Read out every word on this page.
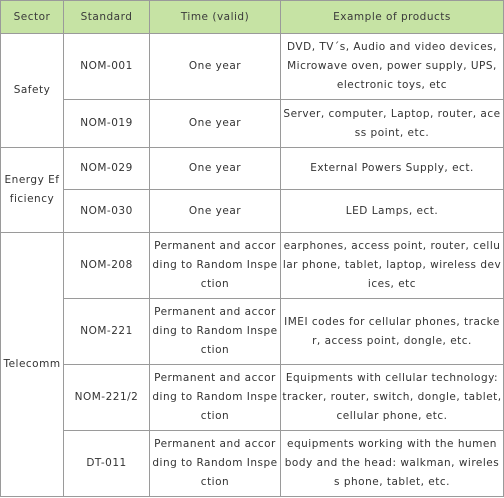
Sector	Standard	Time (valid)	Example of products
Safety	NOM-001	One year	DVD, TV´s, Audio and video devices, Microwave oven, power supply, UPS, electronic toys, etc
	NOM-019	One year	Server, computer, Laptop, router, acess point, etc.
Energy Efficiency	NOM-029	One year	External Powers Supply, ect.
	NOM-030	One year	LED Lamps, ect.
Telecomm	NOM-208	Permanent and according to Random Inspection	earphones, access point, router, cellular phone, tablet, laptop, wireless devices, etc
	NOM-221	Permanent and according to Random Inspection	IMEI codes for cellular phones, tracker, access point, dongle, etc.
	NOM-221/2	Permanent and according to Random Inspection	Equipments with cellular technology: tracker, router, switch, dongle, tablet, cellular phone, etc.
	DT-011	Permanent and according to Random Inspection	equipments working with the humen body and the head: walkman, wireless phone, tablet, etc.
